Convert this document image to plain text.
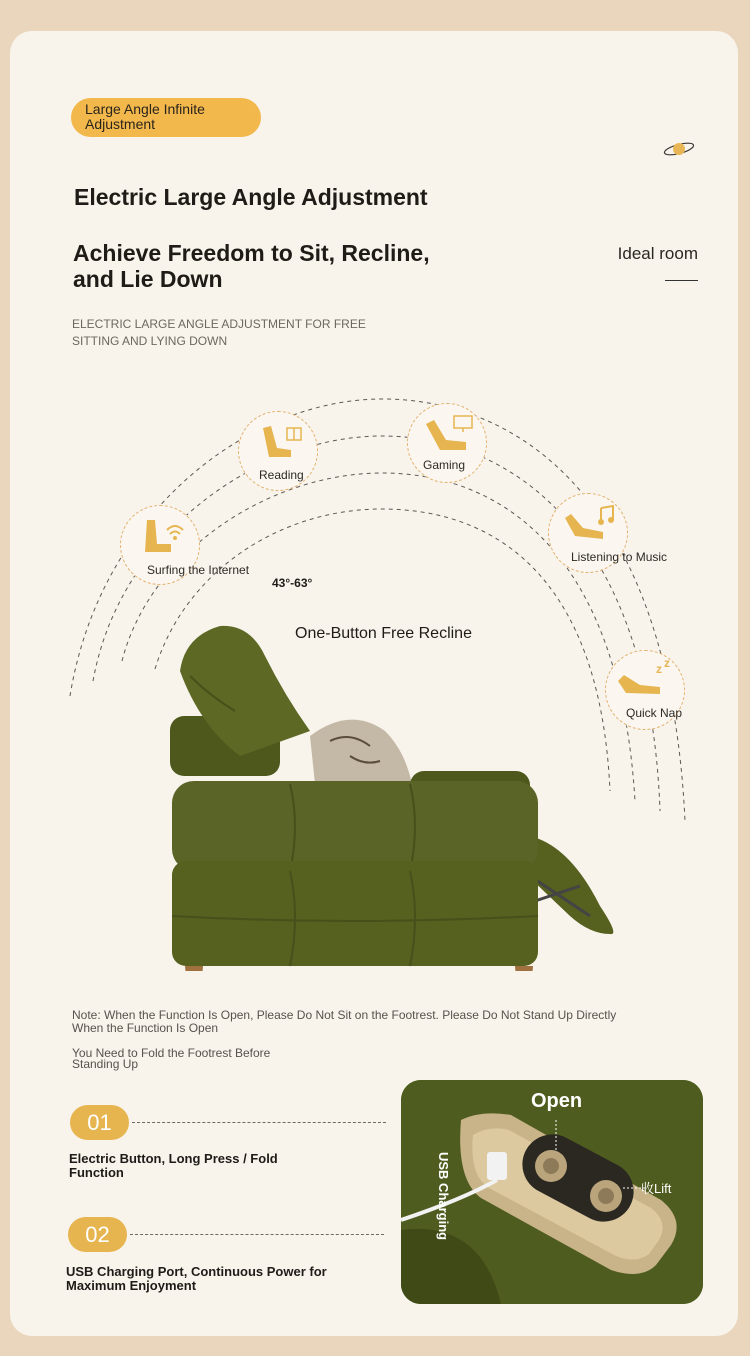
Large Angle Infinite Adjustment
Electric Large Angle Adjustment
Achieve Freedom to Sit, Recline, and Lie Down
Ideal room
ELECTRIC LARGE ANGLE ADJUSTMENT FOR FREE SITTING AND LYING DOWN
Reading
Gaming
Surfing the Internet
Listening to Music
z z
Quick Nap
43°-63°
One-Button Free Recline
Note: When the Function Is Open, Please Do Not Sit on the Footrest. Please Do Not Stand Up Directly When the Function Is Open
You Need to Fold the Footrest Before Standing Up
01
Electric Button, Long Press / Fold Function
02
USB Charging Port, Continuous Power for Maximum Enjoyment
Open
USB Charging	收Lift
